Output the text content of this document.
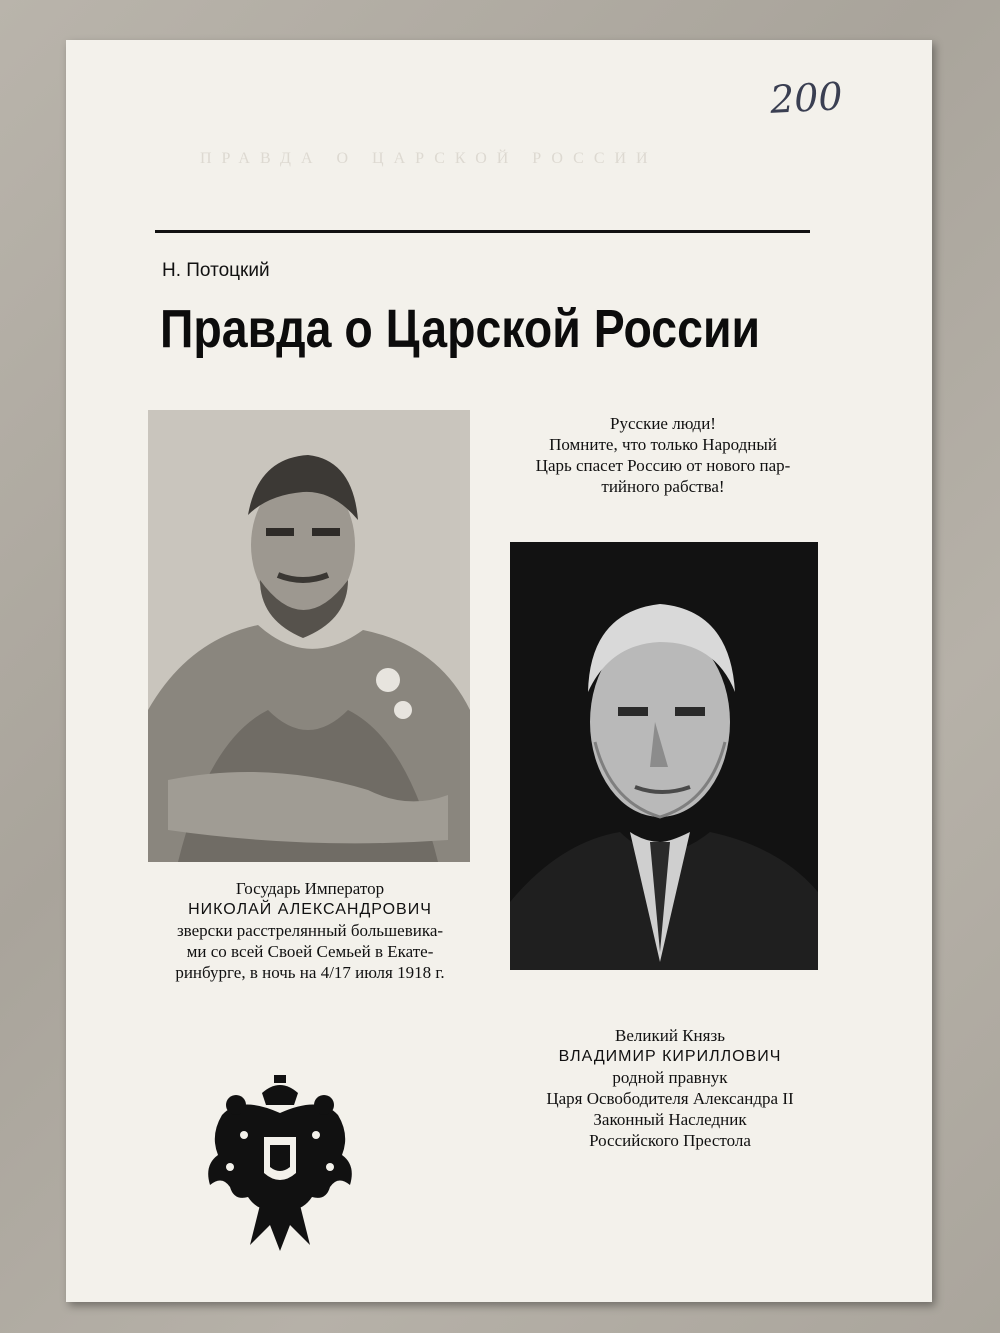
200
ПРАВДА О ЦАРСКОЙ РОССИИ
Н. Потоцкий
Правда о Царской России
Русские люди!
Помните, что только Народный
Царь спасет Россию от нового пар-
тийного рабства!
Государь Император
НИКОЛАЙ АЛЕКСАНДРОВИЧ
зверски расстрелянный большевика-
ми со всей Своей Семьей в Екате-
ринбурге, в ночь на 4/17 июля 1918 г.
Великий Князь
ВЛАДИМИР КИРИЛЛОВИЧ
родной правнук
Царя Освободителя Александра II
Законный Наследник
Российского Престола
